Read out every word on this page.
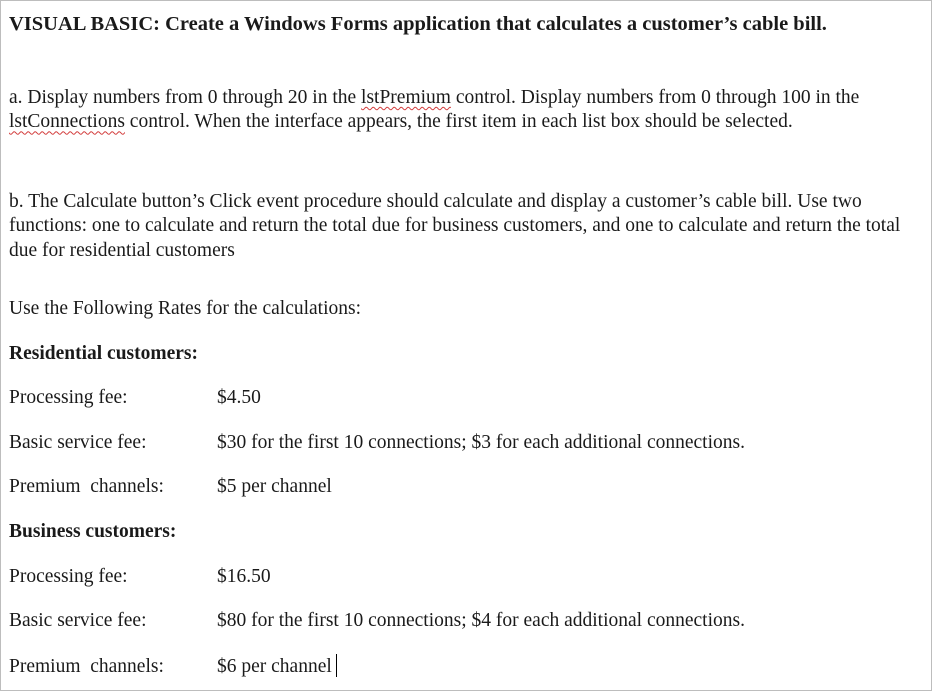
VISUAL BASIC: Create a Windows Forms application that calculates a customer’s cable bill.

a. Display numbers from 0 through 20 in the lstPremium control. Display numbers from 0 through 100 in the lstConnections control. When the interface appears, the first item in each list box should be selected.

b. The Calculate button’s Click event procedure should calculate and display a customer’s cable bill. Use two functions: one to calculate and return the total due for business customers, and one to calculate and return the total due for residential customers

Use the Following Rates for the calculations:

Residential customers:

Processing fee:	$4.50
Basic service fee:	$30 for the first 10 connections; $3 for each additional connections.
Premium  channels:	$5 per channel

Business customers:

Processing fee:	$16.50
Basic service fee:	$80 for the first 10 connections; $4 for each additional connections.
Premium  channels:	$6 per channel
